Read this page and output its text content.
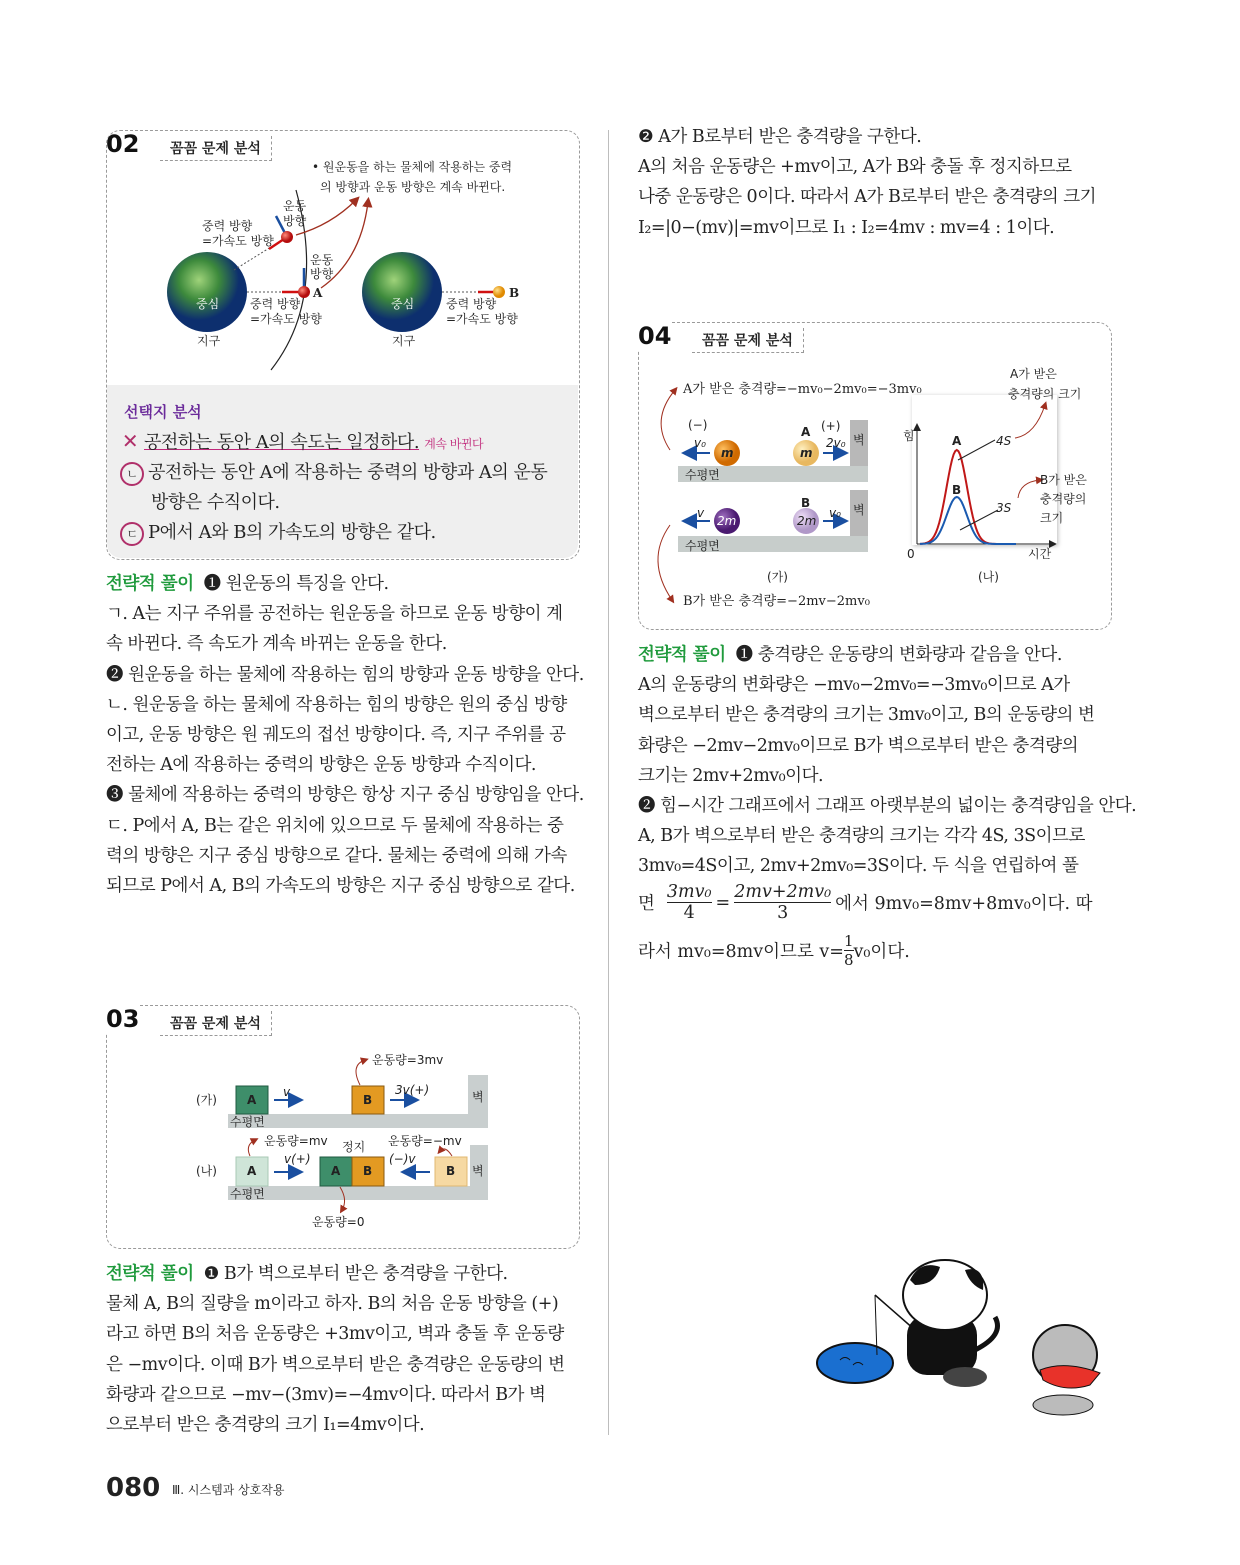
02	꼼꼼 문제 분석
• 원운동을 하는 물체에 작용하는 중력
의 방향과 운동 방향은 계속 바뀐다.
중력 방향
=가속도 방향
운동
방향
운동
방향
A
중력 방향
=가속도 방향
중심	중심
지구	지구
B
중력 방향
=가속도 방향
선택지 분석
✕ 공전하는 동안 A의 속도는 일정하다. 계속 바뀐다
ㄴ 공전하는 동안 A에 작용하는 중력의 방향과 A의 운동
방향은 수직이다.
ㄷ P에서 A와 B의 가속도의 방향은 같다.
전략적 풀이 ❶ 원운동의 특징을 안다.
ㄱ. A는 지구 주위를 공전하는 원운동을 하므로 운동 방향이 계
속 바뀐다. 즉 속도가 계속 바뀌는 운동을 한다.
❷ 원운동을 하는 물체에 작용하는 힘의 방향과 운동 방향을 안다.
ㄴ. 원운동을 하는 물체에 작용하는 힘의 방향은 원의 중심 방향
이고, 운동 방향은 원 궤도의 접선 방향이다. 즉, 지구 주위를 공
전하는 A에 작용하는 중력의 방향은 운동 방향과 수직이다.
❸ 물체에 작용하는 중력의 방향은 항상 지구 중심 방향임을 안다.
ㄷ. P에서 A, B는 같은 위치에 있으므로 두 물체에 작용하는 중
력의 방향은 지구 중심 방향으로 같다. 물체는 중력에 의해 가속
되므로 P에서 A, B의 가속도의 방향은 지구 중심 방향으로 같다.
03	꼼꼼 문제 분석
(가)
(나)
A	B
A	A B	B
v	3v(+)	벽
벽
수평면
수평면
운동량=3mv
운동량=mv 정지 운동량=−mv
v(+)	(−)v
운동량=0
전략적 풀이 ❶ B가 벽으로부터 받은 충격량을 구한다.
물체 A, B의 질량을 m이라고 하자. B의 처음 운동 방향을 (+)
라고 하면 B의 처음 운동량은 +3mv이고, 벽과 충돌 후 운동량
은 −mv이다. 이때 B가 벽으로부터 받은 충격량은 운동량의 변
화량과 같으므로 −mv−(3mv)=−4mv이다. 따라서 B가 벽
으로부터 받은 충격량의 크기 I₁=4mv이다.
❷ A가 B로부터 받은 충격량을 구한다.
A의 처음 운동량은 +mv이고, A가 B와 충돌 후 정지하므로
나중 운동량은 0이다. 따라서 A가 B로부터 받은 충격량의 크기
I₂=|0−(mv)|=mv이므로 I₁ : I₂=4mv : mv=4 : 1이다.
04	꼼꼼 문제 분석
A가 받은 충격량=−mv₀−2mv₀=−3mv₀
B가 받은 충격량=−2mv−2mv₀
(−)
v₀
m	m
A (+)
2v₀ 벽
수평면
B
v
2m	2m
v₀ 벽
수평면
(가)	(나)
힘
0	시간
A
B
4S
3S
A가 받은
충격량의 크기
B가 받은
충격량의
크기
전략적 풀이 ❶ 충격량은 운동량의 변화량과 같음을 안다.
A의 운동량의 변화량은 −mv₀−2mv₀=−3mv₀이므로 A가
벽으로부터 받은 충격량의 크기는 3mv₀이고, B의 운동량의 변
화량은 −2mv−2mv₀이므로 B가 벽으로부터 받은 충격량의
크기는 2mv+2mv₀이다.
❷ 힘−시간 그래프에서 그래프 아랫부분의 넓이는 충격량임을 안다.
A, B가 벽으로부터 받은 충격량의 크기는 각각 4S, 3S이므로
3mv₀=4S이고, 2mv+2mv₀=3S이다. 두 식을 연립하여 풀
면 $\frac{\text{3mv₀}}{4} = \frac{\text{2mv+2mv₀}}{3}$ 에서 9mv₀=8mv+8mv₀이다. 따
라서 mv₀=8mv이므로 $v= \frac{1}{8} v_0$이다.
080 Ⅲ. 시스템과 상호작용
